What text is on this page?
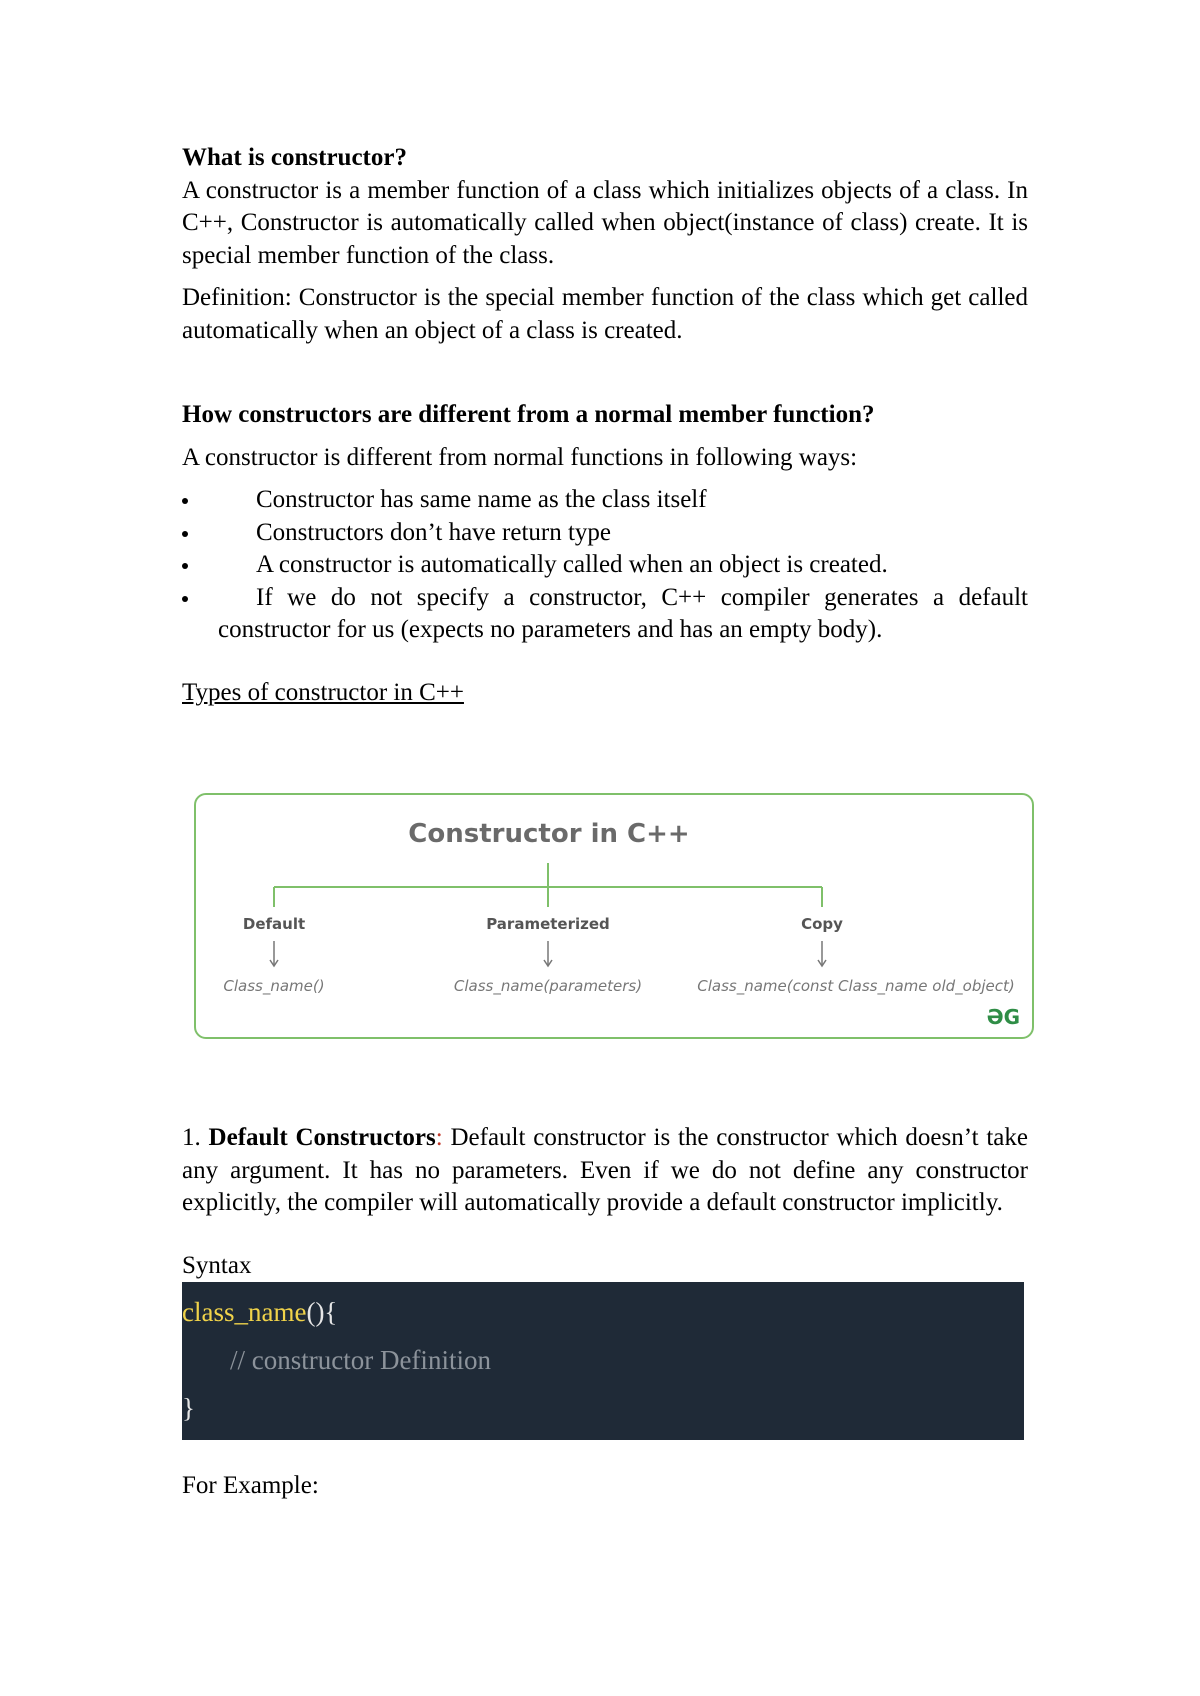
What is constructor?

A constructor is a member function of a class which initializes objects of a class. In C++, Constructor is automatically called when object(instance of class) create. It is special member function of the class.

Definition: Constructor is the special member function of the class which get called automatically when an object of a class is created.

How constructors are different from a normal member function?

A constructor is different from normal functions in following ways:

Constructor has same name as the class itself
Constructors don’t have return type
A constructor is automatically called when an object is created.
If we do not specify a constructor, C++ compiler generates a default constructor for us (expects no parameters and has an empty body).

Types of constructor in C++

Constructor in C++
Default	Parameterized	Copy
Class_name()	Class_name(parameters)	Class_name(const Class_name old_object)
ƏG

1. Default Constructors: Default constructor is the constructor which doesn’t take any argument. It has no parameters. Even if we do not define any constructor explicitly, the compiler will automatically provide a default constructor implicitly.

Syntax

class_name(){
// constructor Definition
}

For Example:
